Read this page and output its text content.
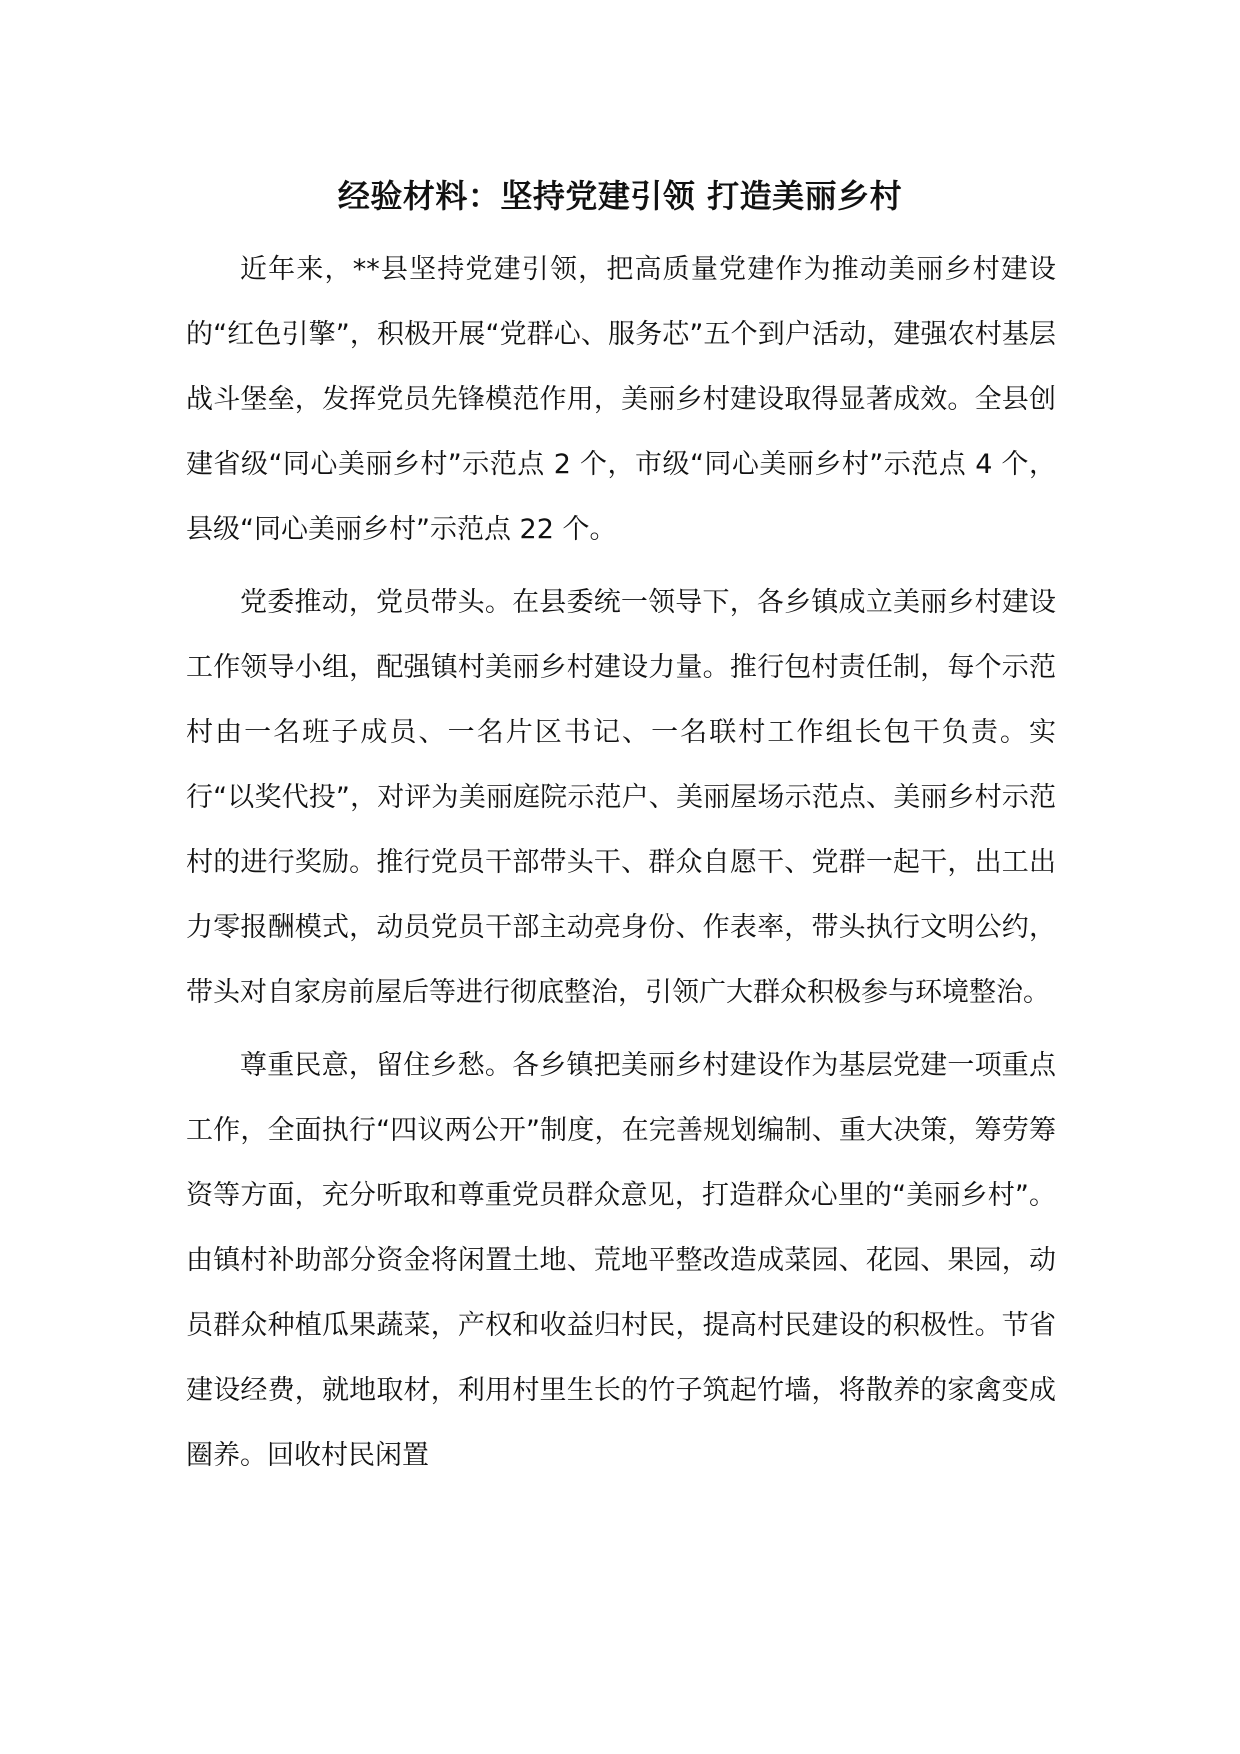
经验材料：坚持党建引领 打造美丽乡村

近年来，**县坚持党建引领，把高质量党建作为推动美丽乡村建设的“红色引擎”，积极开展“党群心、服务芯”五个到户活动，建强农村基层战斗堡垒，发挥党员先锋模范作用，美丽乡村建设取得显著成效。全县创建省级“同心美丽乡村”示范点 2 个，市级“同心美丽乡村”示范点 4 个，县级“同心美丽乡村”示范点 22 个。

党委推动，党员带头。在县委统一领导下，各乡镇成立美丽乡村建设工作领导小组，配强镇村美丽乡村建设力量。推行包村责任制，每个示范村由一名班子成员、一名片区书记、一名联村工作组长包干负责。实行“以奖代投”，对评为美丽庭院示范户、美丽屋场示范点、美丽乡村示范村的进行奖励。推行党员干部带头干、群众自愿干、党群一起干，出工出力零报酬模式，动员党员干部主动亮身份、作表率，带头执行文明公约，带头对自家房前屋后等进行彻底整治，引领广大群众积极参与环境整治。

尊重民意，留住乡愁。各乡镇把美丽乡村建设作为基层党建一项重点工作，全面执行“四议两公开”制度，在完善规划编制、重大决策，筹劳筹资等方面，充分听取和尊重党员群众意见，打造群众心里的“美丽乡村”。由镇村补助部分资金将闲置土地、荒地平整改造成菜园、花园、果园，动员群众种植瓜果蔬菜，产权和收益归村民，提高村民建设的积极性。节省建设经费，就地取材，利用村里生长的竹子筑起竹墙，将散养的家禽变成圈养。回收村民闲置
